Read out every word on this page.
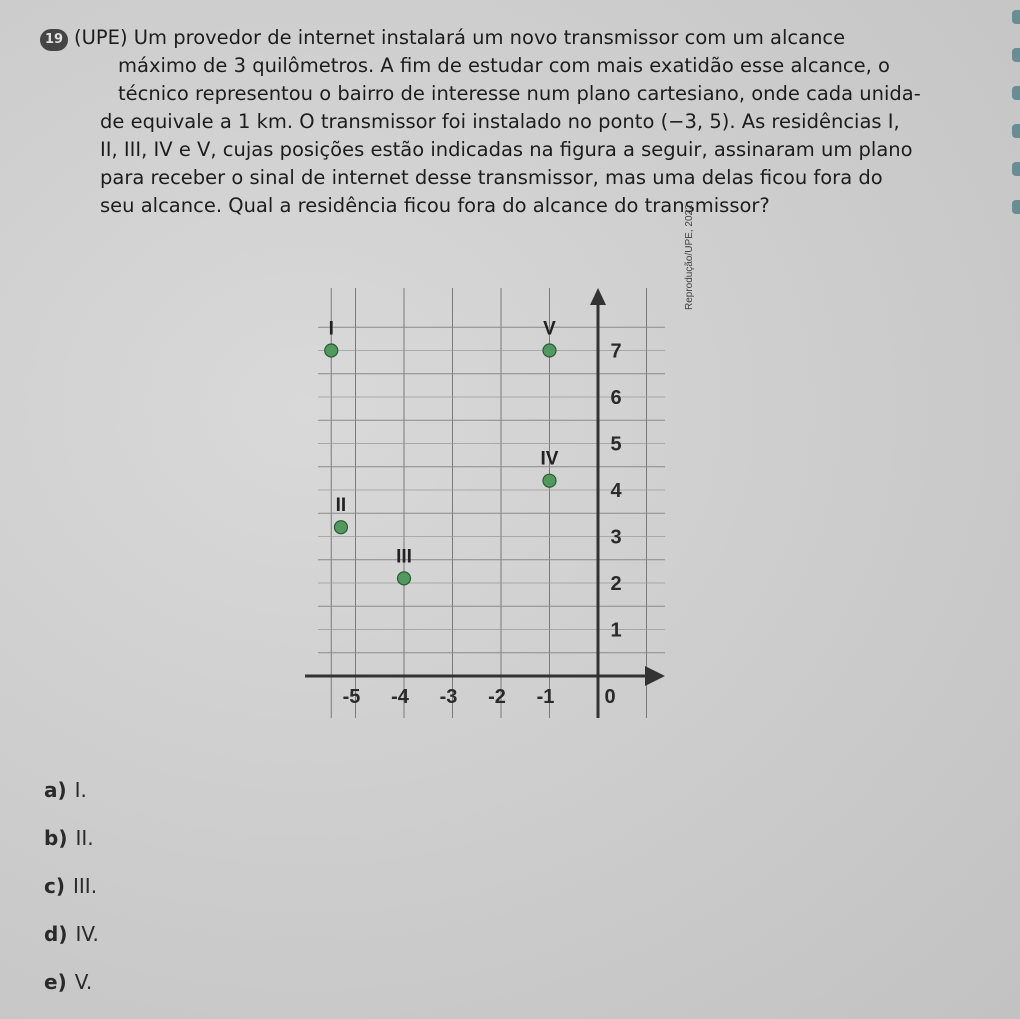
19 (UPE) Um provedor de internet instalará um novo transmissor com um alcance
máximo de 3 quilômetros. A fim de estudar com mais exatidão esse alcance, o
técnico representou o bairro de interesse num plano cartesiano, onde cada unida-
de equivale a 1 km. O transmissor foi instalado no ponto (−3, 5). As residências I,
II, III, IV e V, cujas posições estão indicadas na figura a seguir, assinaram um plano
para receber o sinal de internet desse transmissor, mas uma delas ficou fora do
seu alcance. Qual a residência ficou fora do alcance do transmissor?
-5 -4 -3 -2 -1	0
1
2
3
4
5
6
7
I
II
III
IV
V
Reprodução/UPE, 2022
a) I.
b) II.
c) III.
d) IV.
e) V.
